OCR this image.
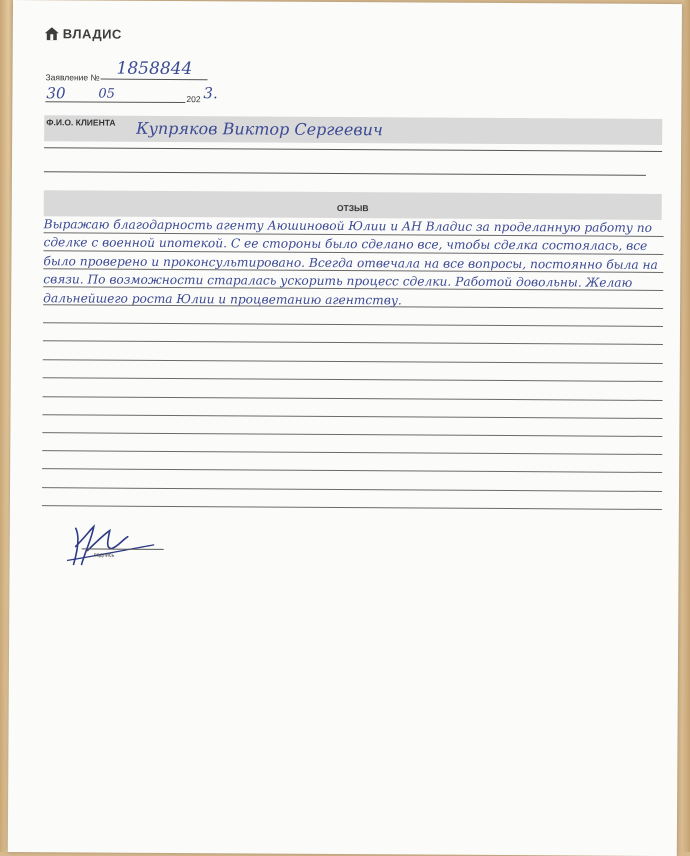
ВЛАДИС
Заявление № 1858844
30	05	202 3.
Ф.И.О. КЛИЕНТА Купряков Виктор Сергеевич
ОТЗЫВ
Выражаю благодарность агенту Аюшиновой Юлии и АН Владис за проделанную работу по сделке с военной ипотекой. С ее стороны было сделано все, чтобы сделка состоялась, все было проверено и проконсультировано. Всегда отвечала на все вопросы, постоянно была на связи. По возможности старалась ускорить процесс сделки. Работой довольны. Желаю дальнейшего роста Юлии и процветанию агентству.
подпись
